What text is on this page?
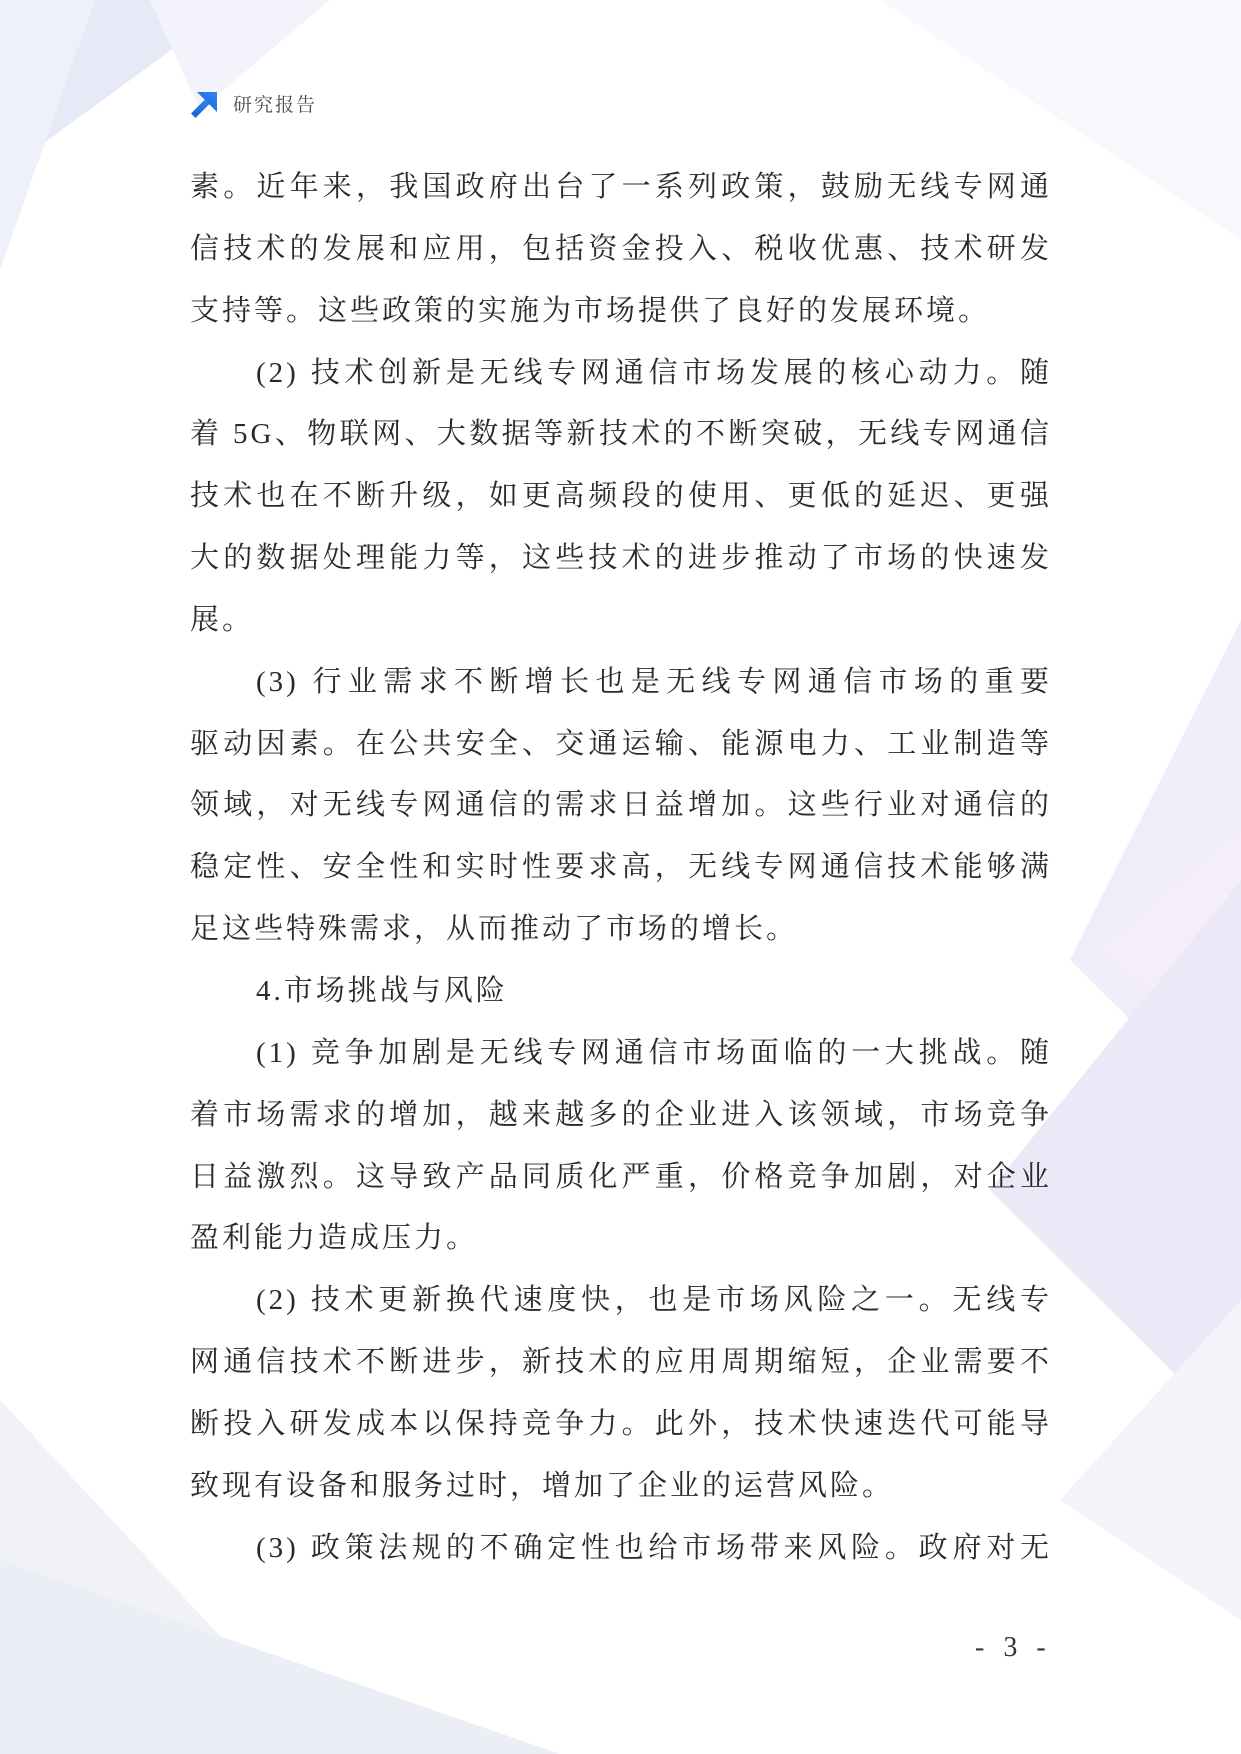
研究报告
素。近年来，我国政府出台了一系列政策，鼓励无线专网通
信技术的发展和应用，包括资金投入、税收优惠、技术研发
支持等。这些政策的实施为市场提供了良好的发展环境。
(2) 技术创新是无线专网通信市场发展的核心动力。随
着 5G、物联网、大数据等新技术的不断突破，无线专网通信
技术也在不断升级，如更高频段的使用、更低的延迟、更强
大的数据处理能力等，这些技术的进步推动了市场的快速发
展。
(3) 行业需求不断增长也是无线专网通信市场的重要
驱动因素。在公共安全、交通运输、能源电力、工业制造等
领域，对无线专网通信的需求日益增加。这些行业对通信的
稳定性、安全性和实时性要求高，无线专网通信技术能够满
足这些特殊需求，从而推动了市场的增长。
4.市场挑战与风险
(1) 竞争加剧是无线专网通信市场面临的一大挑战。随
着市场需求的增加，越来越多的企业进入该领域，市场竞争
日益激烈。这导致产品同质化严重，价格竞争加剧，对企业
盈利能力造成压力。
(2) 技术更新换代速度快，也是市场风险之一。无线专
网通信技术不断进步，新技术的应用周期缩短，企业需要不
断投入研发成本以保持竞争力。此外，技术快速迭代可能导
致现有设备和服务过时，增加了企业的运营风险。
(3) 政策法规的不确定性也给市场带来风险。政府对无
- 3 -
